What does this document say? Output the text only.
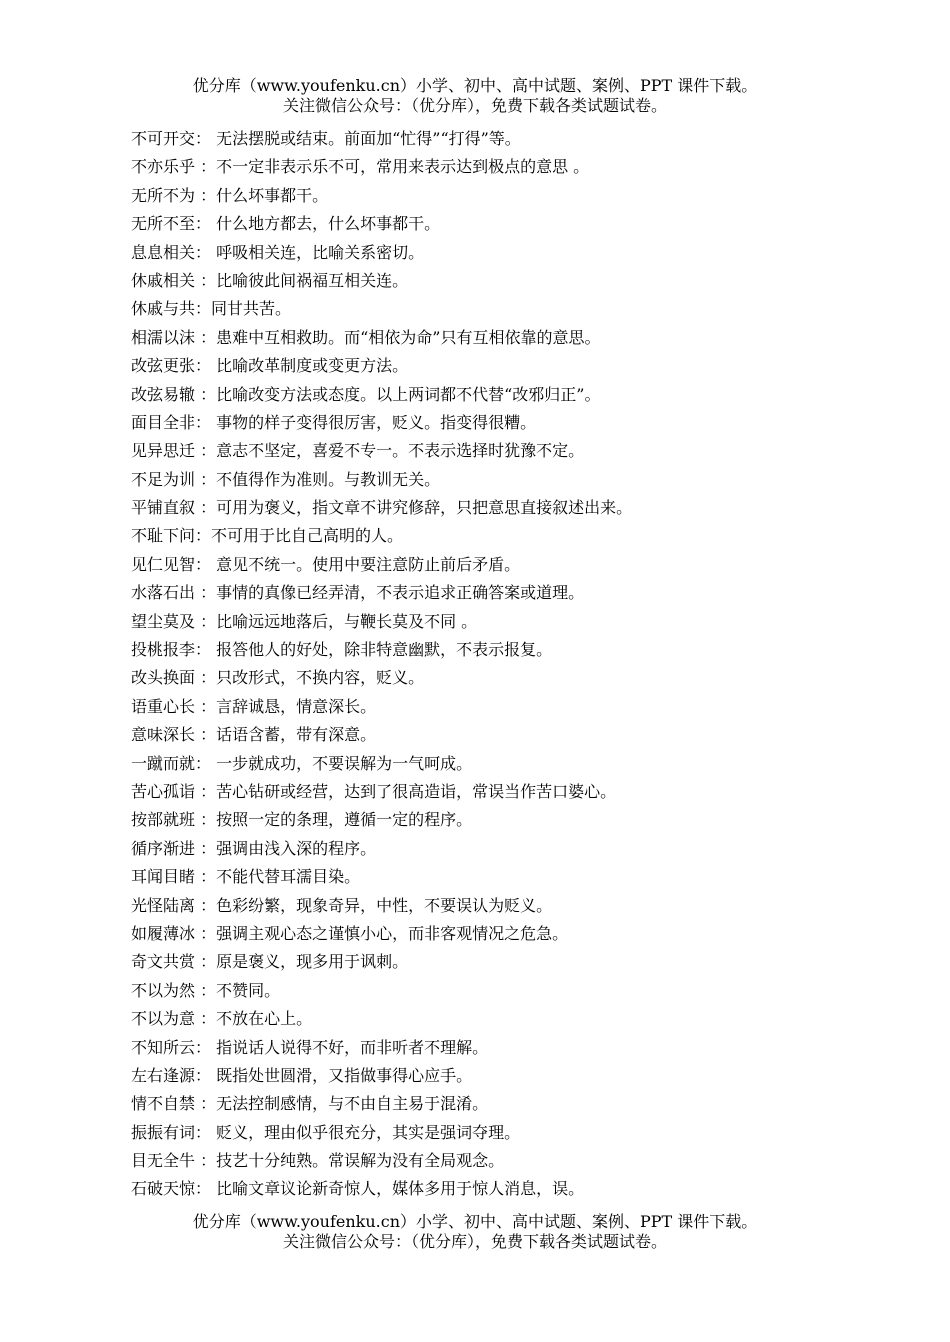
优分库（www.youfenku.cn）小学、初中、高中试题、案例、PPT 课件下载。
关注微信公众号：（优分库），免费下载各类试题试卷。
不可开交： 无法摆脱或结束。前面加“忙得”“打得”等。
不亦乐乎 ：不一定非表示乐不可，常用来表示达到极点的意思 。
无所不为 ：什么坏事都干。
无所不至： 什么地方都去，什么坏事都干。
息息相关： 呼吸相关连，比喻关系密切。
休戚相关 ：比喻彼此间祸福互相关连。
休戚与共：同甘共苦。
相濡以沫 ：患难中互相救助。而“相依为命”只有互相依靠的意思。
改弦更张： 比喻改革制度或变更方法。
改弦易辙 ：比喻改变方法或态度。以上两词都不代替“改邪归正”。
面目全非： 事物的样子变得很厉害，贬义。指变得很糟。
见异思迁 ：意志不坚定，喜爱不专一。不表示选择时犹豫不定。
不足为训 ：不值得作为准则。与教训无关。
平铺直叙 ：可用为褒义，指文章不讲究修辞，只把意思直接叙述出来。
不耻下问：不可用于比自己高明的人。
见仁见智： 意见不统一。使用中要注意防止前后矛盾。
水落石出 ：事情的真像已经弄清，不表示追求正确答案或道理。
望尘莫及 ：比喻远远地落后，与鞭长莫及不同 。
投桃报李： 报答他人的好处，除非特意幽默，不表示报复。
改头换面 ：只改形式，不换内容，贬义。
语重心长 ：言辞诚恳，情意深长。
意味深长 ：话语含蓄，带有深意。
一蹴而就： 一步就成功，不要误解为一气呵成。
苦心孤诣 ：苦心钻研或经营，达到了很高造诣，常误当作苦口婆心。
按部就班 ：按照一定的条理，遵循一定的程序。
循序渐进 ：强调由浅入深的程序。
耳闻目睹 ：不能代替耳濡目染。
光怪陆离 ：色彩纷繁，现象奇异，中性，不要误认为贬义。
如履薄冰 ：强调主观心态之谨慎小心，而非客观情况之危急。
奇文共赏 ：原是褒义，现多用于讽刺。
不以为然 ：不赞同。
不以为意 ：不放在心上。
不知所云： 指说话人说得不好，而非听者不理解。
左右逢源： 既指处世圆滑，又指做事得心应手。
情不自禁 ：无法控制感情，与不由自主易于混淆。
振振有词： 贬义，理由似乎很充分，其实是强词夺理。
目无全牛 ：技艺十分纯熟。常误解为没有全局观念。
石破天惊： 比喻文章议论新奇惊人，媒体多用于惊人消息，误。
优分库（www.youfenku.cn）小学、初中、高中试题、案例、PPT 课件下载。
关注微信公众号：（优分库），免费下载各类试题试卷。
